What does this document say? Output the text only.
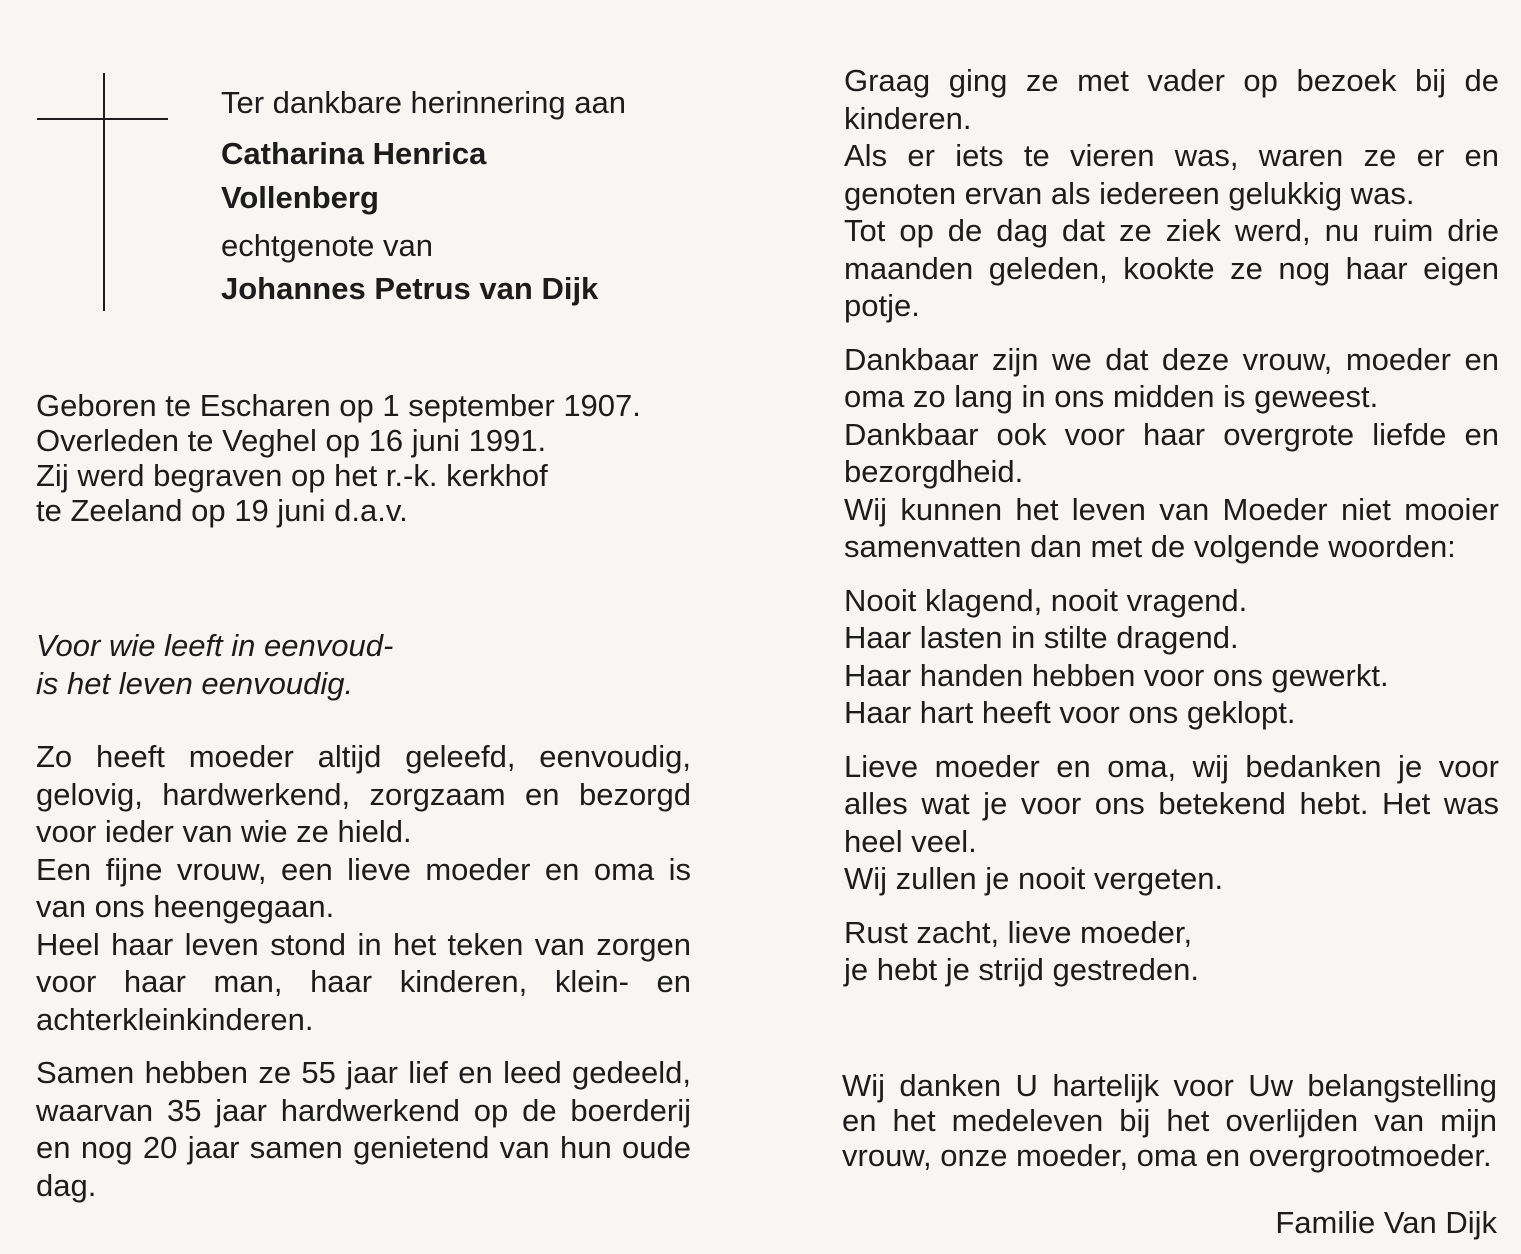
Ter dankbare herinnering aan
Catharina Henrica
Vollenberg
echtgenote van
Johannes Petrus van Dijk

Geboren te Escharen op 1 september 1907.

Overleden te Veghel op 16 juni 1991.

Zij werd begraven op het r.-k. kerkhof

te Zeeland op 19 juni d.a.v.

Voor wie leeft in eenvoud-

is het leven eenvoudig.

Zo heeft moeder altijd geleefd, eenvoudig, gelovig, hardwerkend, zorgzaam en bezorgd voor ieder van wie ze hield.

Een fijne vrouw, een lieve moeder en oma is van ons heengegaan.

Heel haar leven stond in het teken van zorgen voor haar man, haar kinderen, klein- en achterkleinkinderen.

Samen hebben ze 55 jaar lief en leed gedeeld, waarvan 35 jaar hardwerkend op de boerderij en nog 20 jaar samen genietend van hun oude dag.

Graag ging ze met vader op bezoek bij de kinderen.

Als er iets te vieren was, waren ze er en genoten ervan als iedereen gelukkig was.

Tot op de dag dat ze ziek werd, nu ruim drie maanden geleden, kookte ze nog haar eigen potje.

Dankbaar zijn we dat deze vrouw, moeder en oma zo lang in ons midden is geweest.

Dankbaar ook voor haar overgrote liefde en bezorgdheid.

Wij kunnen het leven van Moeder niet mooier samenvatten dan met de volgende woorden:

Nooit klagend, nooit vragend.

Haar lasten in stilte dragend.

Haar handen hebben voor ons gewerkt.

Haar hart heeft voor ons geklopt.

Lieve moeder en oma, wij bedanken je voor alles wat je voor ons betekend hebt. Het was heel veel.

Wij zullen je nooit vergeten.

Rust zacht, lieve moeder,

je hebt je strijd gestreden.

Wij danken U hartelijk voor Uw belangstelling en het medeleven bij het overlijden van mijn vrouw, onze moeder, oma en overgrootmoeder.
Familie Van Dijk
